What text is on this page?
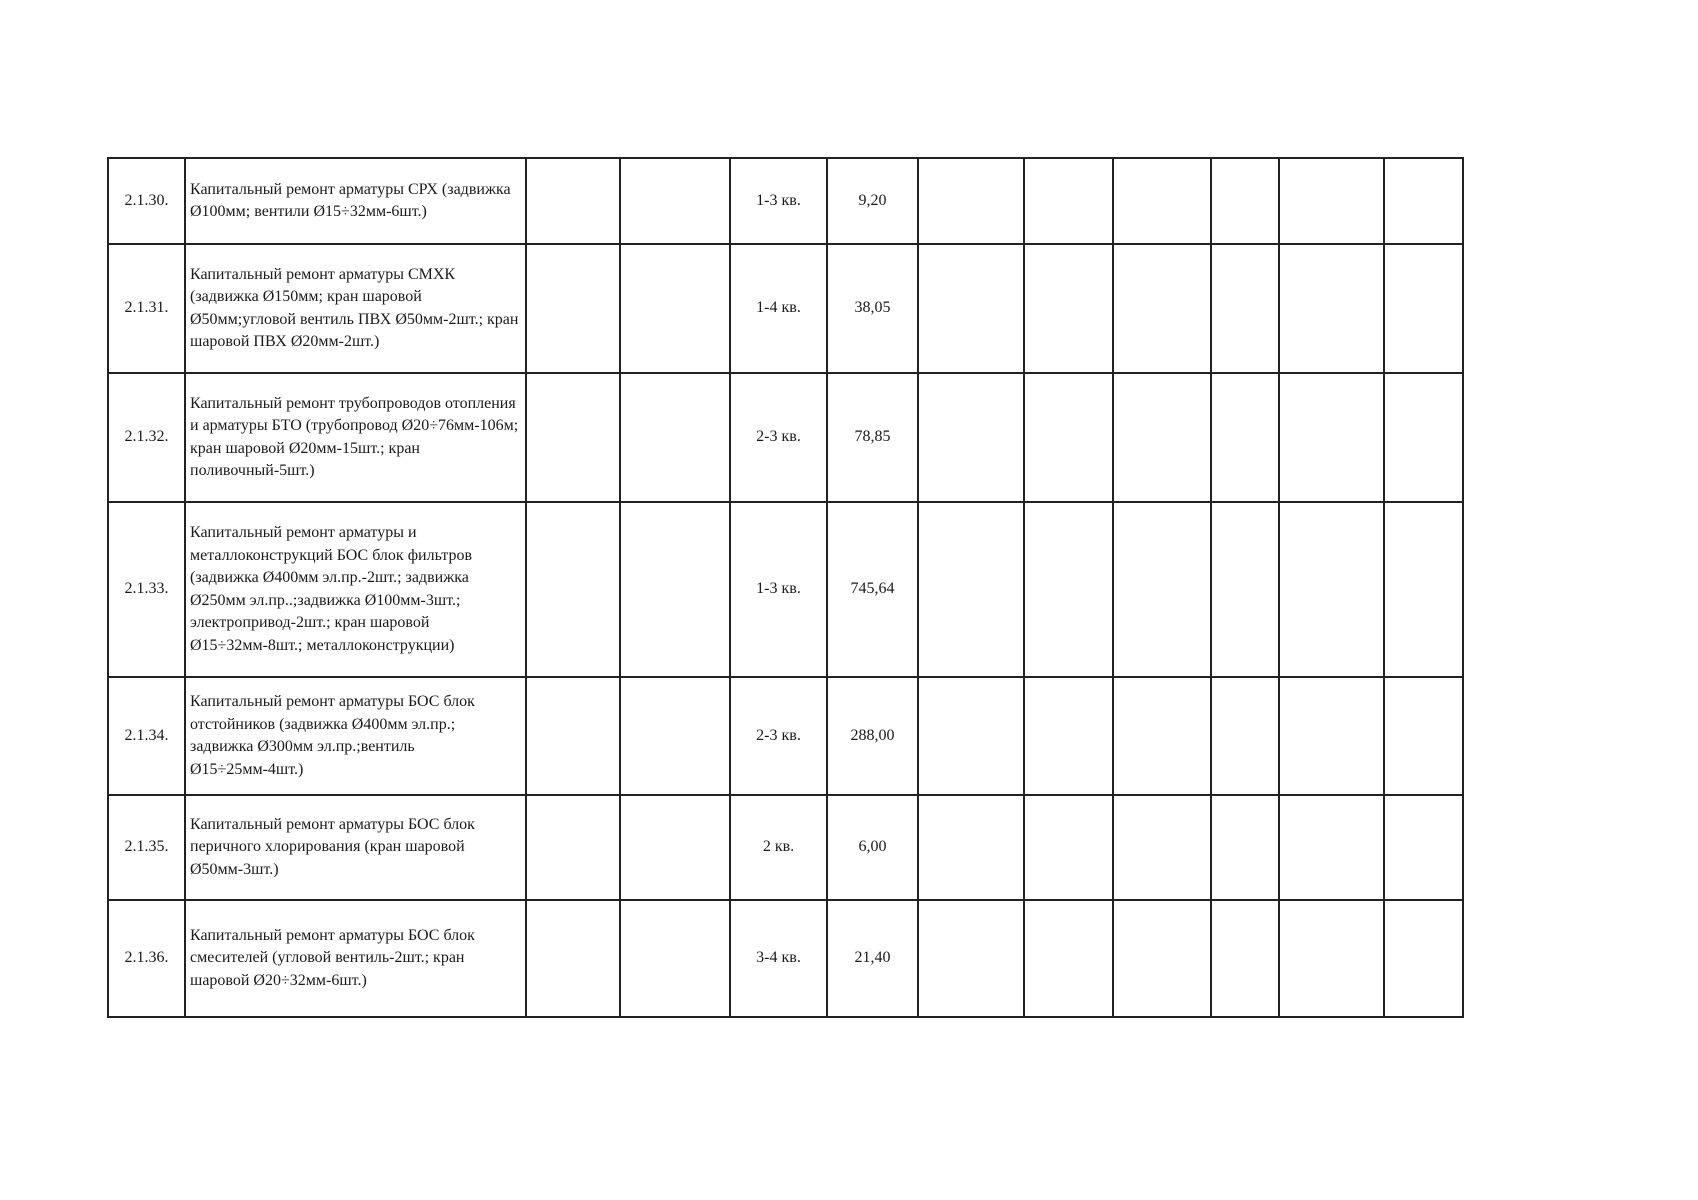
2.1.30.	Капитальный ремонт арматуры СРХ (задвижка Ø100мм; вентили Ø15÷32мм-6шт.)			1-3 кв.	9,20						
2.1.31.	Капитальный ремонт арматуры СМХК (задвижка Ø150мм; кран шаровой Ø50мм;угловой вентиль ПВХ Ø50мм-2шт.; кран шаровой ПВХ Ø20мм-2шт.)			1-4 кв.	38,05						
2.1.32.	Капитальный ремонт трубопроводов отопления и арматуры БТО (трубопровод Ø20÷76мм-106м; кран шаровой Ø20мм-15шт.; кран поливочный-5шт.)			2-3 кв.	78,85						
2.1.33.	Капитальный ремонт арматуры и металлоконструкций БОС блок фильтров (задвижка Ø400мм эл.пр.-2шт.; задвижка Ø250мм эл.пр..;задвижка Ø100мм-3шт.; электропривод-2шт.; кран шаровой Ø15÷32мм-8шт.; металлоконструкции)			1-3 кв.	745,64						
2.1.34.	Капитальный ремонт арматуры БОС блок отстойников (задвижка Ø400мм эл.пр.; задвижка Ø300мм эл.пр.;вентиль Ø15÷25мм-4шт.)			2-3 кв.	288,00						
2.1.35.	Капитальный ремонт арматуры БОС блок перичного хлорирования (кран шаровой Ø50мм-3шт.)			2 кв.	6,00						
2.1.36.	Капитальный ремонт арматуры БОС блок смесителей (угловой вентиль-2шт.; кран шаровой Ø20÷32мм-6шт.)			3-4 кв.	21,40						
